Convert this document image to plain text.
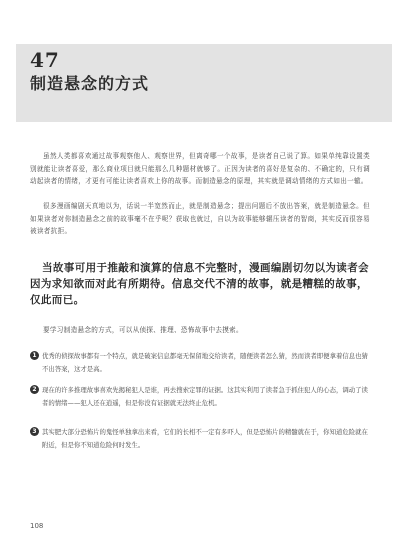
47
制造悬念的方式

虽然人类都喜欢通过故事观察他人、观察世界，但离奇哪一个故事，是读者自己说了算。如果单纯靠设置类别就能让读者喜爱，那么商业项目就只能那么几种题材就够了。正因为读者的喜好是复杂的、不确定的，只有调动起读者的情绪，才更有可能让读者喜欢上你的故事。而制造悬念的原理，其实就是调动情绪的方式如出一辙。

很多漫画编剧天真地以为，话说一半宽然而止，就是制造悬念；提出问题后不放出答案，就是制造悬念。但如果读者对你制造悬念之前的故事毫不在乎呢？获取也就过，自以为故事能够辗压读者的智商，其实反而很容易被读者抗拒。

当故事可用于推敲和演算的信息不完整时，漫画编剧切勿以为读者会因为求知欲而对此有所期待。信息交代不清的故事，就是糟糕的故事，仅此而已。

要学习制造悬念的方式，可以从侦探、推理、恐怖故事中去摸索。

1 优秀的侦探故事都有一个特点，就是破案信息都毫无保留地交给读者，随便读者怎么猜，然而读者即便拿着信息也猜不出答案，这才是高。
2 现在的许多推理故事喜欢先揭秘犯人是谁，再去搜索定罪的证据。这其实利用了读者急于抓住犯人的心态，调动了读者的情绪——犯人还在逍遥，但是你没有证据就无法终止危机。
3 其实肥大部分恐怖片的鬼怪单独拿出来看，它们的长相不一定有多吓人，但是恐怖片的精髓就在于，你知道危险就在附近，但是你不知道危险何时发生。
108
